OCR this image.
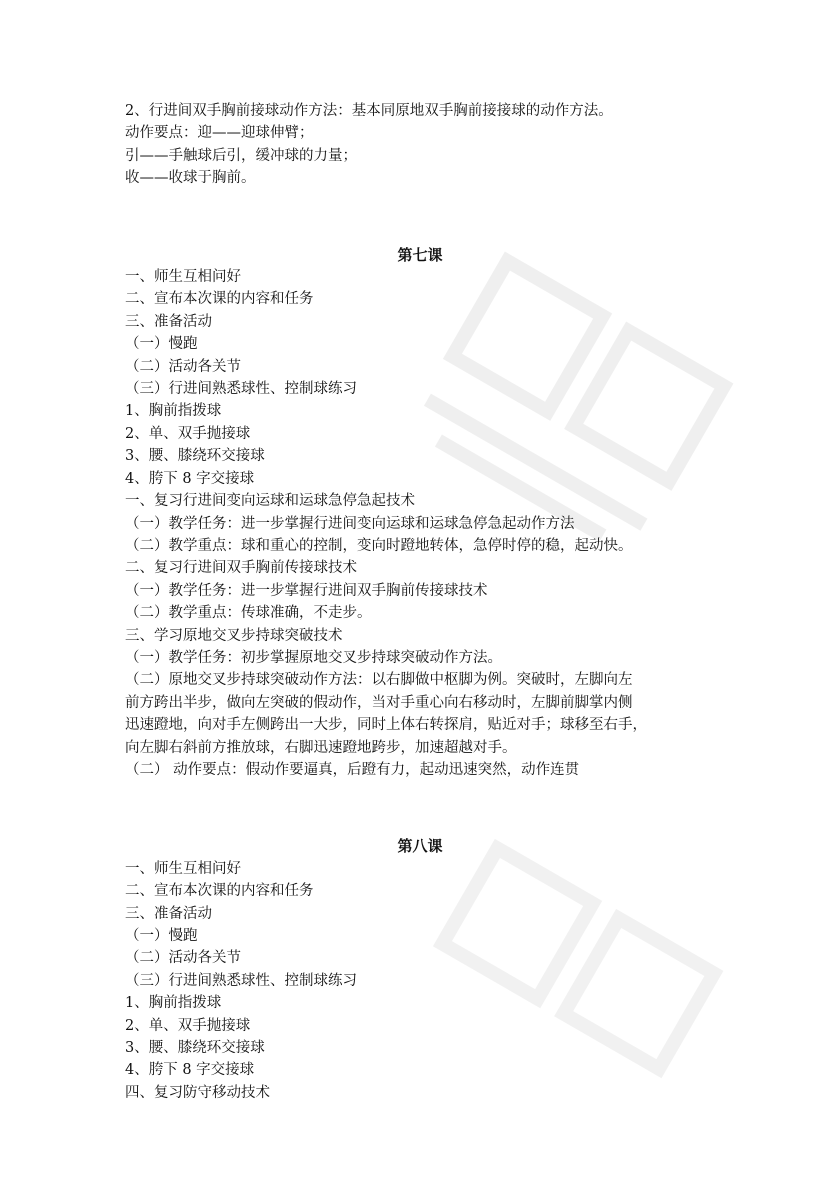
2、行进间双手胸前接球动作方法：基本同原地双手胸前接接球的动作方法。

动作要点：迎——迎球伸臂；

引——手触球后引，缓冲球的力量；

收——收球于胸前。

第七课

一、师生互相问好

二、宣布本次课的内容和任务

三、准备活动

（一）慢跑

（二）活动各关节

（三）行进间熟悉球性、控制球练习

1、胸前指拨球

2、单、双手抛接球

3、腰、膝绕环交接球

4、胯下 8 字交接球

一、复习行进间变向运球和运球急停急起技术

（一）教学任务：进一步掌握行进间变向运球和运球急停急起动作方法

（二）教学重点：球和重心的控制，变向时蹬地转体，急停时停的稳，起动快。

二、复习行进间双手胸前传接球技术

（一）教学任务：进一步掌握行进间双手胸前传接球技术

（二）教学重点：传球准确，不走步。

三、学习原地交叉步持球突破技术

（一）教学任务：初步掌握原地交叉步持球突破动作方法。

（二）原地交叉步持球突破动作方法：以右脚做中枢脚为例。突破时，左脚向左

前方跨出半步，做向左突破的假动作，当对手重心向右移动时，左脚前脚掌内侧

迅速蹬地，向对手左侧跨出一大步，同时上体右转探肩，贴近对手；球移至右手，

向左脚右斜前方推放球，右脚迅速蹬地跨步，加速超越对手。

（二） 动作要点：假动作要逼真，后蹬有力，起动迅速突然，动作连贯

第八课

一、师生互相问好

二、宣布本次课的内容和任务

三、准备活动

（一）慢跑

（二）活动各关节

（三）行进间熟悉球性、控制球练习

1、胸前指拨球

2、单、双手抛接球

3、腰、膝绕环交接球

4、胯下 8 字交接球

四、复习防守移动技术
